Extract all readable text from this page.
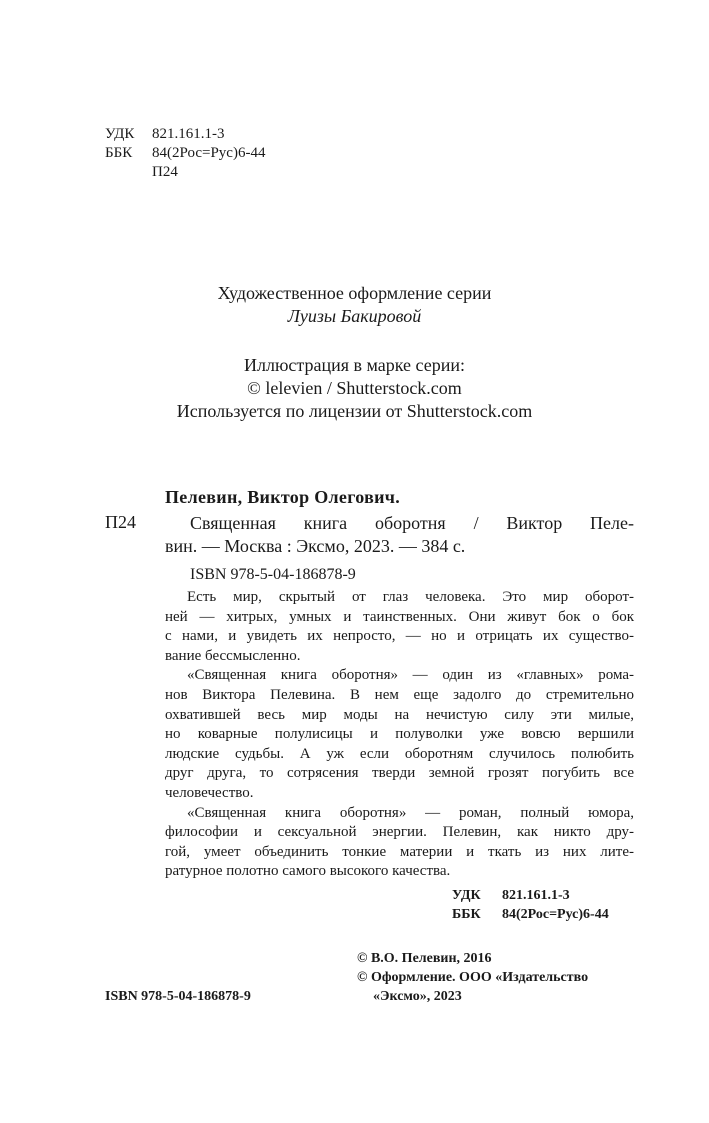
УДК 821.161.1-3
ББК 84(2Рос=Рус)6-44
П24
Художественное оформление серии
Луизы Бакировой
Иллюстрация в марке серии:
© lelevien / Shutterstock.com
Используется по лицензии от Shutterstock.com
Пелевин, Виктор Олегович.
П24	Священная книга оборотня / Виктор Пеле-
вин. — Москва : Эксмо, 2023. — 384 с.
ISBN 978-5-04-186878-9
Есть мир, скрытый от глаз человека. Это мир оборот-
ней — хитрых, умных и таинственных. Они живут бок о бок
с нами, и увидеть их непросто, — но и отрицать их существо-
вание бессмысленно.
«Священная книга оборотня» — один из «главных» рома-
нов Виктора Пелевина. В нем еще задолго до стремительно
охватившей весь мир моды на нечистую силу эти милые,
но коварные полулисицы и полуволки уже вовсю вершили
людские судьбы. А уж если оборотням случилось полюбить
друг друга, то сотрясения тверди земной грозят погубить все
человечество.
«Священная книга оборотня» — роман, полный юмора,
философии и сексуальной энергии. Пелевин, как никто дру-
гой, умеет объединить тонкие материи и ткать из них лите-
ратурное полотно самого высокого качества.
УДК 821.161.1-3
ББК 84(2Рос=Рус)6-44
© В.О. Пелевин, 2016
© Оформление. ООО «Издательство
«Эксмо», 2023
ISBN 978-5-04-186878-9
